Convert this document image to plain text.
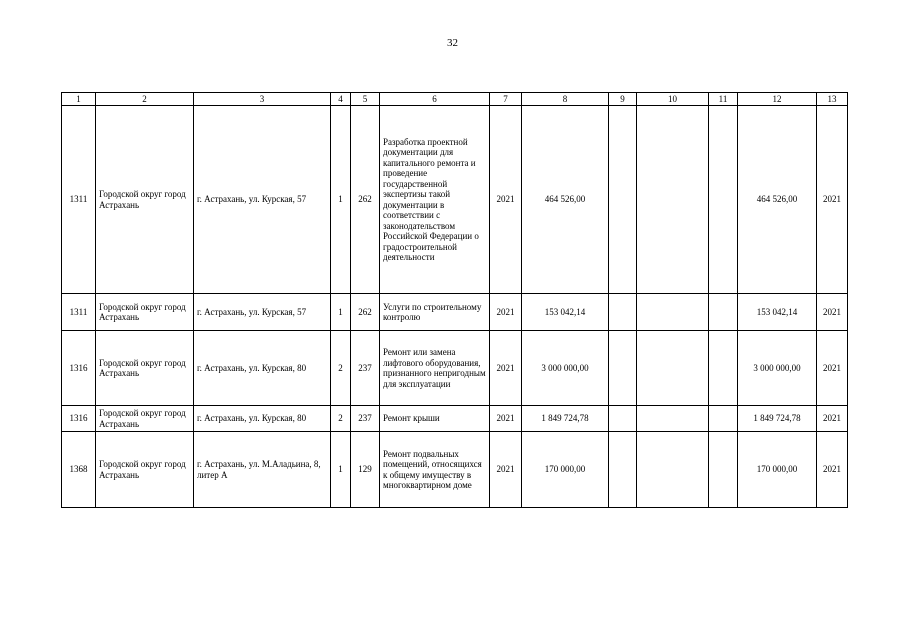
32
1	2	3	4	5	6	7	8	9	10	11	12	13
1311	Городской округ город Астрахань	г. Астрахань, ул. Курская, 57	1	262	Разработка проектной документации для капитального ремонта и проведение государственной экспертизы такой документации в соответствии с законодательством Российской Федерации о градостроительной деятельности	2021	464 526,00				464 526,00	2021
1311	Городской округ город Астрахань	г. Астрахань, ул. Курская, 57	1	262	Услуги по строительному контролю	2021	153 042,14				153 042,14	2021
1316	Городской округ город Астрахань	г. Астрахань, ул. Курская, 80	2	237	Ремонт или замена лифтового оборудования, признанного непригодным для эксплуатации	2021	3 000 000,00				3 000 000,00	2021
1316	Городской округ город Астрахань	г. Астрахань, ул. Курская, 80	2	237	Ремонт крыши	2021	1 849 724,78				1 849 724,78	2021
1368	Городской округ город Астрахань	г. Астрахань, ул. М.Аладьина, 8, литер А	1	129	Ремонт подвальных помещений, относящихся к общему имуществу в многоквартирном доме	2021	170 000,00				170 000,00	2021
